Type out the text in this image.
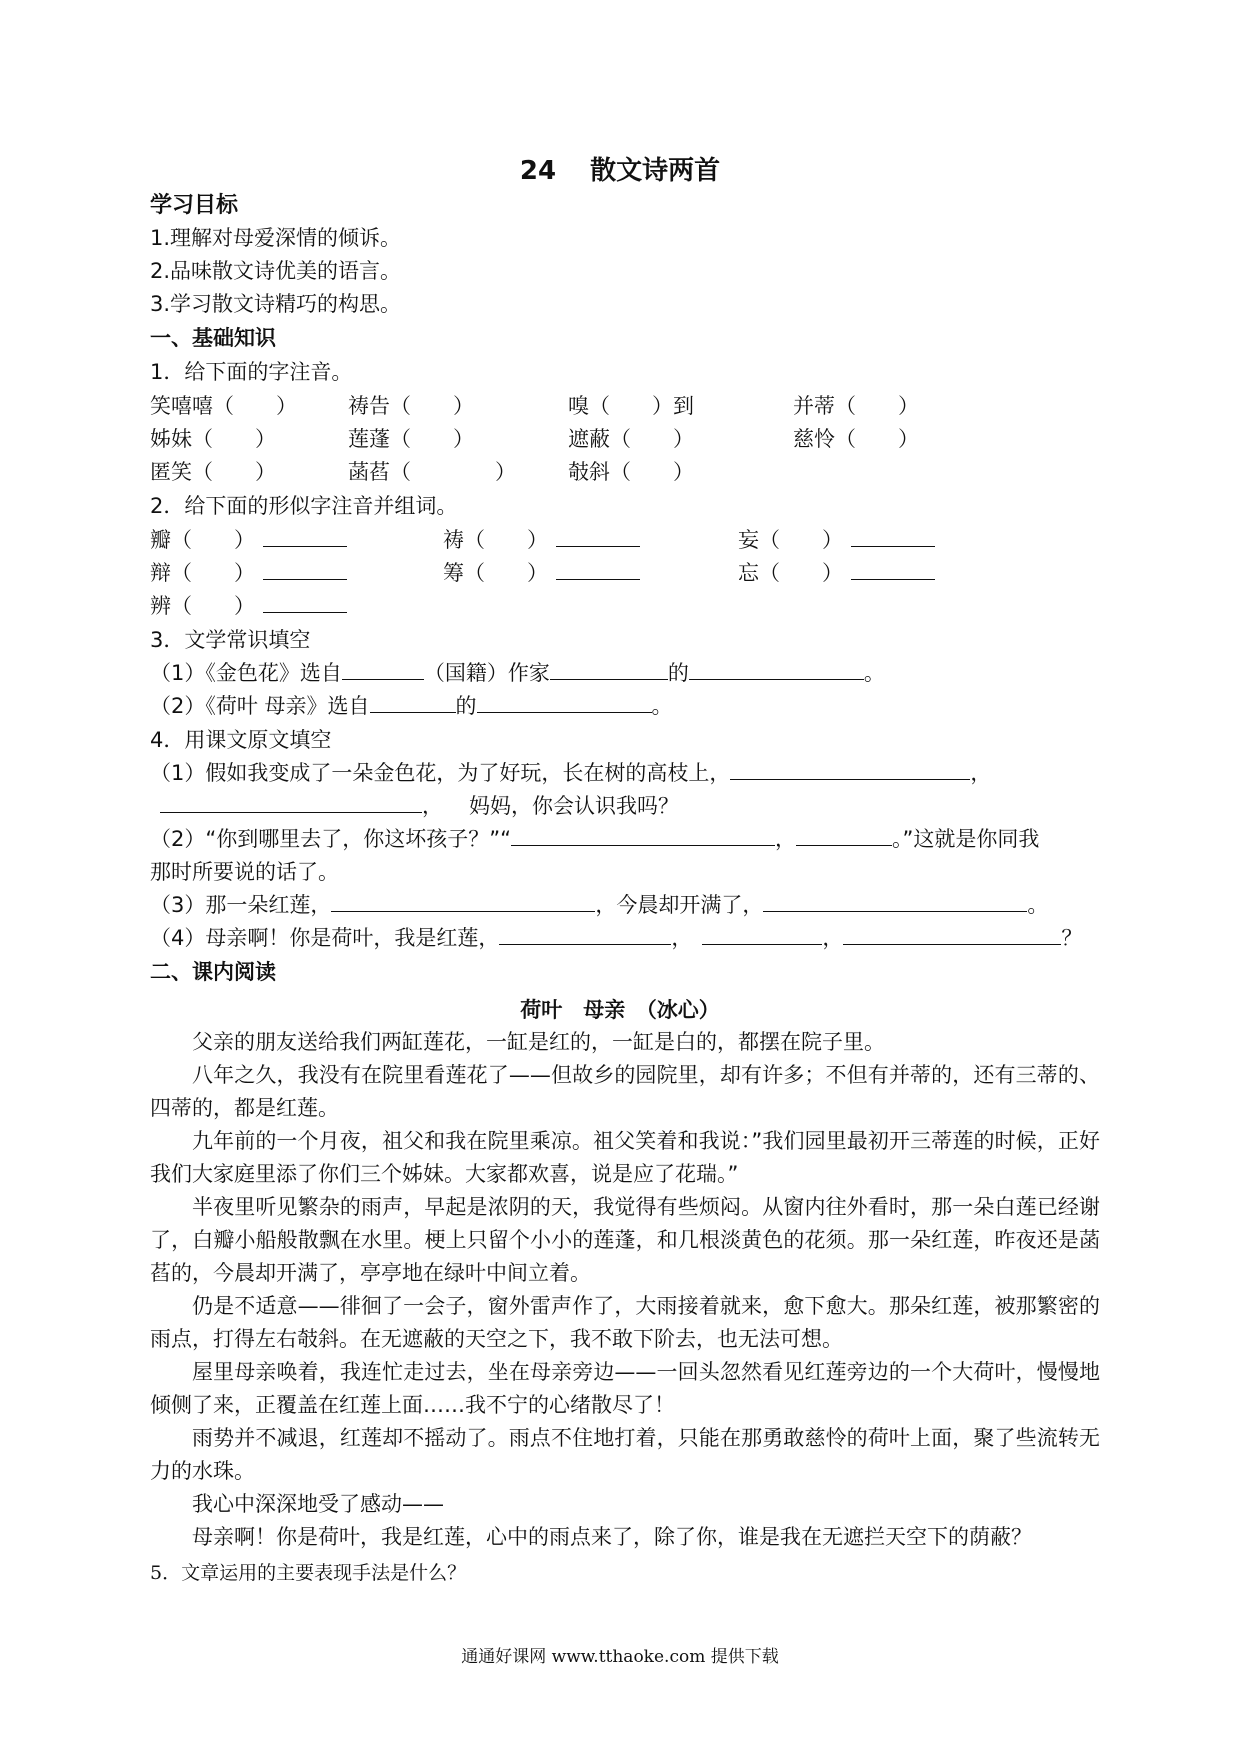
24 散文诗两首
学习目标
1.理解对母爱深情的倾诉。
2.品味散文诗优美的语言。
3.学习散文诗精巧的构思。
一、基础知识
1．给下面的字注音。
笑嘻嘻（　　） 祷告（　　）	嗅（　　）到	并蒂（　　）
姊妹（　　）	莲蓬（　　）	遮蔽（　　）	慈怜（　　）
匿笑（　　）	菡萏（　　　　） 攲斜（　　）
2．给下面的形似字注音并组词。
瓣（　　）	祷（　　）	妄（　　）
辩（　　）	筹（　　）	忘（　　）
辨（　　）
3．文学常识填空
（1）《金色花》选自	（国籍）作家	的	。
（2）《荷叶 母亲》选自	的	。
4．用课文原文填空
（1）假如我变成了一朵金色花，为了好玩，长在树的高枝上，	，
， 妈妈，你会认识我吗？
（2）“你到哪里去了，你这坏孩子？”“	，	。”这就是你同我
那时所要说的话了。
（3）那一朵红莲，	，今晨却开满了，	。
（4）母亲啊！你是荷叶，我是红莲，	，	，	？
二、课内阅读
荷叶　母亲　（冰心）
父亲的朋友送给我们两缸莲花，一缸是红的，一缸是白的，都摆在院子里。
八年之久，我没有在院里看莲花了——但故乡的园院里，却有许多；不但有并蒂的，还有三蒂的、四蒂的，都是红莲。
九年前的一个月夜，祖父和我在院里乘凉。祖父笑着和我说：”我们园里最初开三蒂莲的时候，正好我们大家庭里添了你们三个姊妹。大家都欢喜，说是应了花瑞。”
半夜里听见繁杂的雨声，早起是浓阴的天，我觉得有些烦闷。从窗内往外看时，那一朵白莲已经谢了，白瓣小船般散飘在水里。梗上只留个小小的莲蓬，和几根淡黄色的花须。那一朵红莲，昨夜还是菡萏的，今晨却开满了，亭亭地在绿叶中间立着。
仍是不适意——徘徊了一会子，窗外雷声作了，大雨接着就来，愈下愈大。那朵红莲，被那繁密的雨点，打得左右攲斜。在无遮蔽的天空之下，我不敢下阶去，也无法可想。
屋里母亲唤着，我连忙走过去，坐在母亲旁边——一回头忽然看见红莲旁边的一个大荷叶，慢慢地倾侧了来，正覆盖在红莲上面……我不宁的心绪散尽了！
雨势并不减退，红莲却不摇动了。雨点不住地打着，只能在那勇敢慈怜的荷叶上面，聚了些流转无力的水珠。
我心中深深地受了感动——
母亲啊！你是荷叶，我是红莲，心中的雨点来了，除了你，谁是我在无遮拦天空下的荫蔽？
5．文章运用的主要表现手法是什么？
通通好课网 www.tthaoke.com 提供下载
